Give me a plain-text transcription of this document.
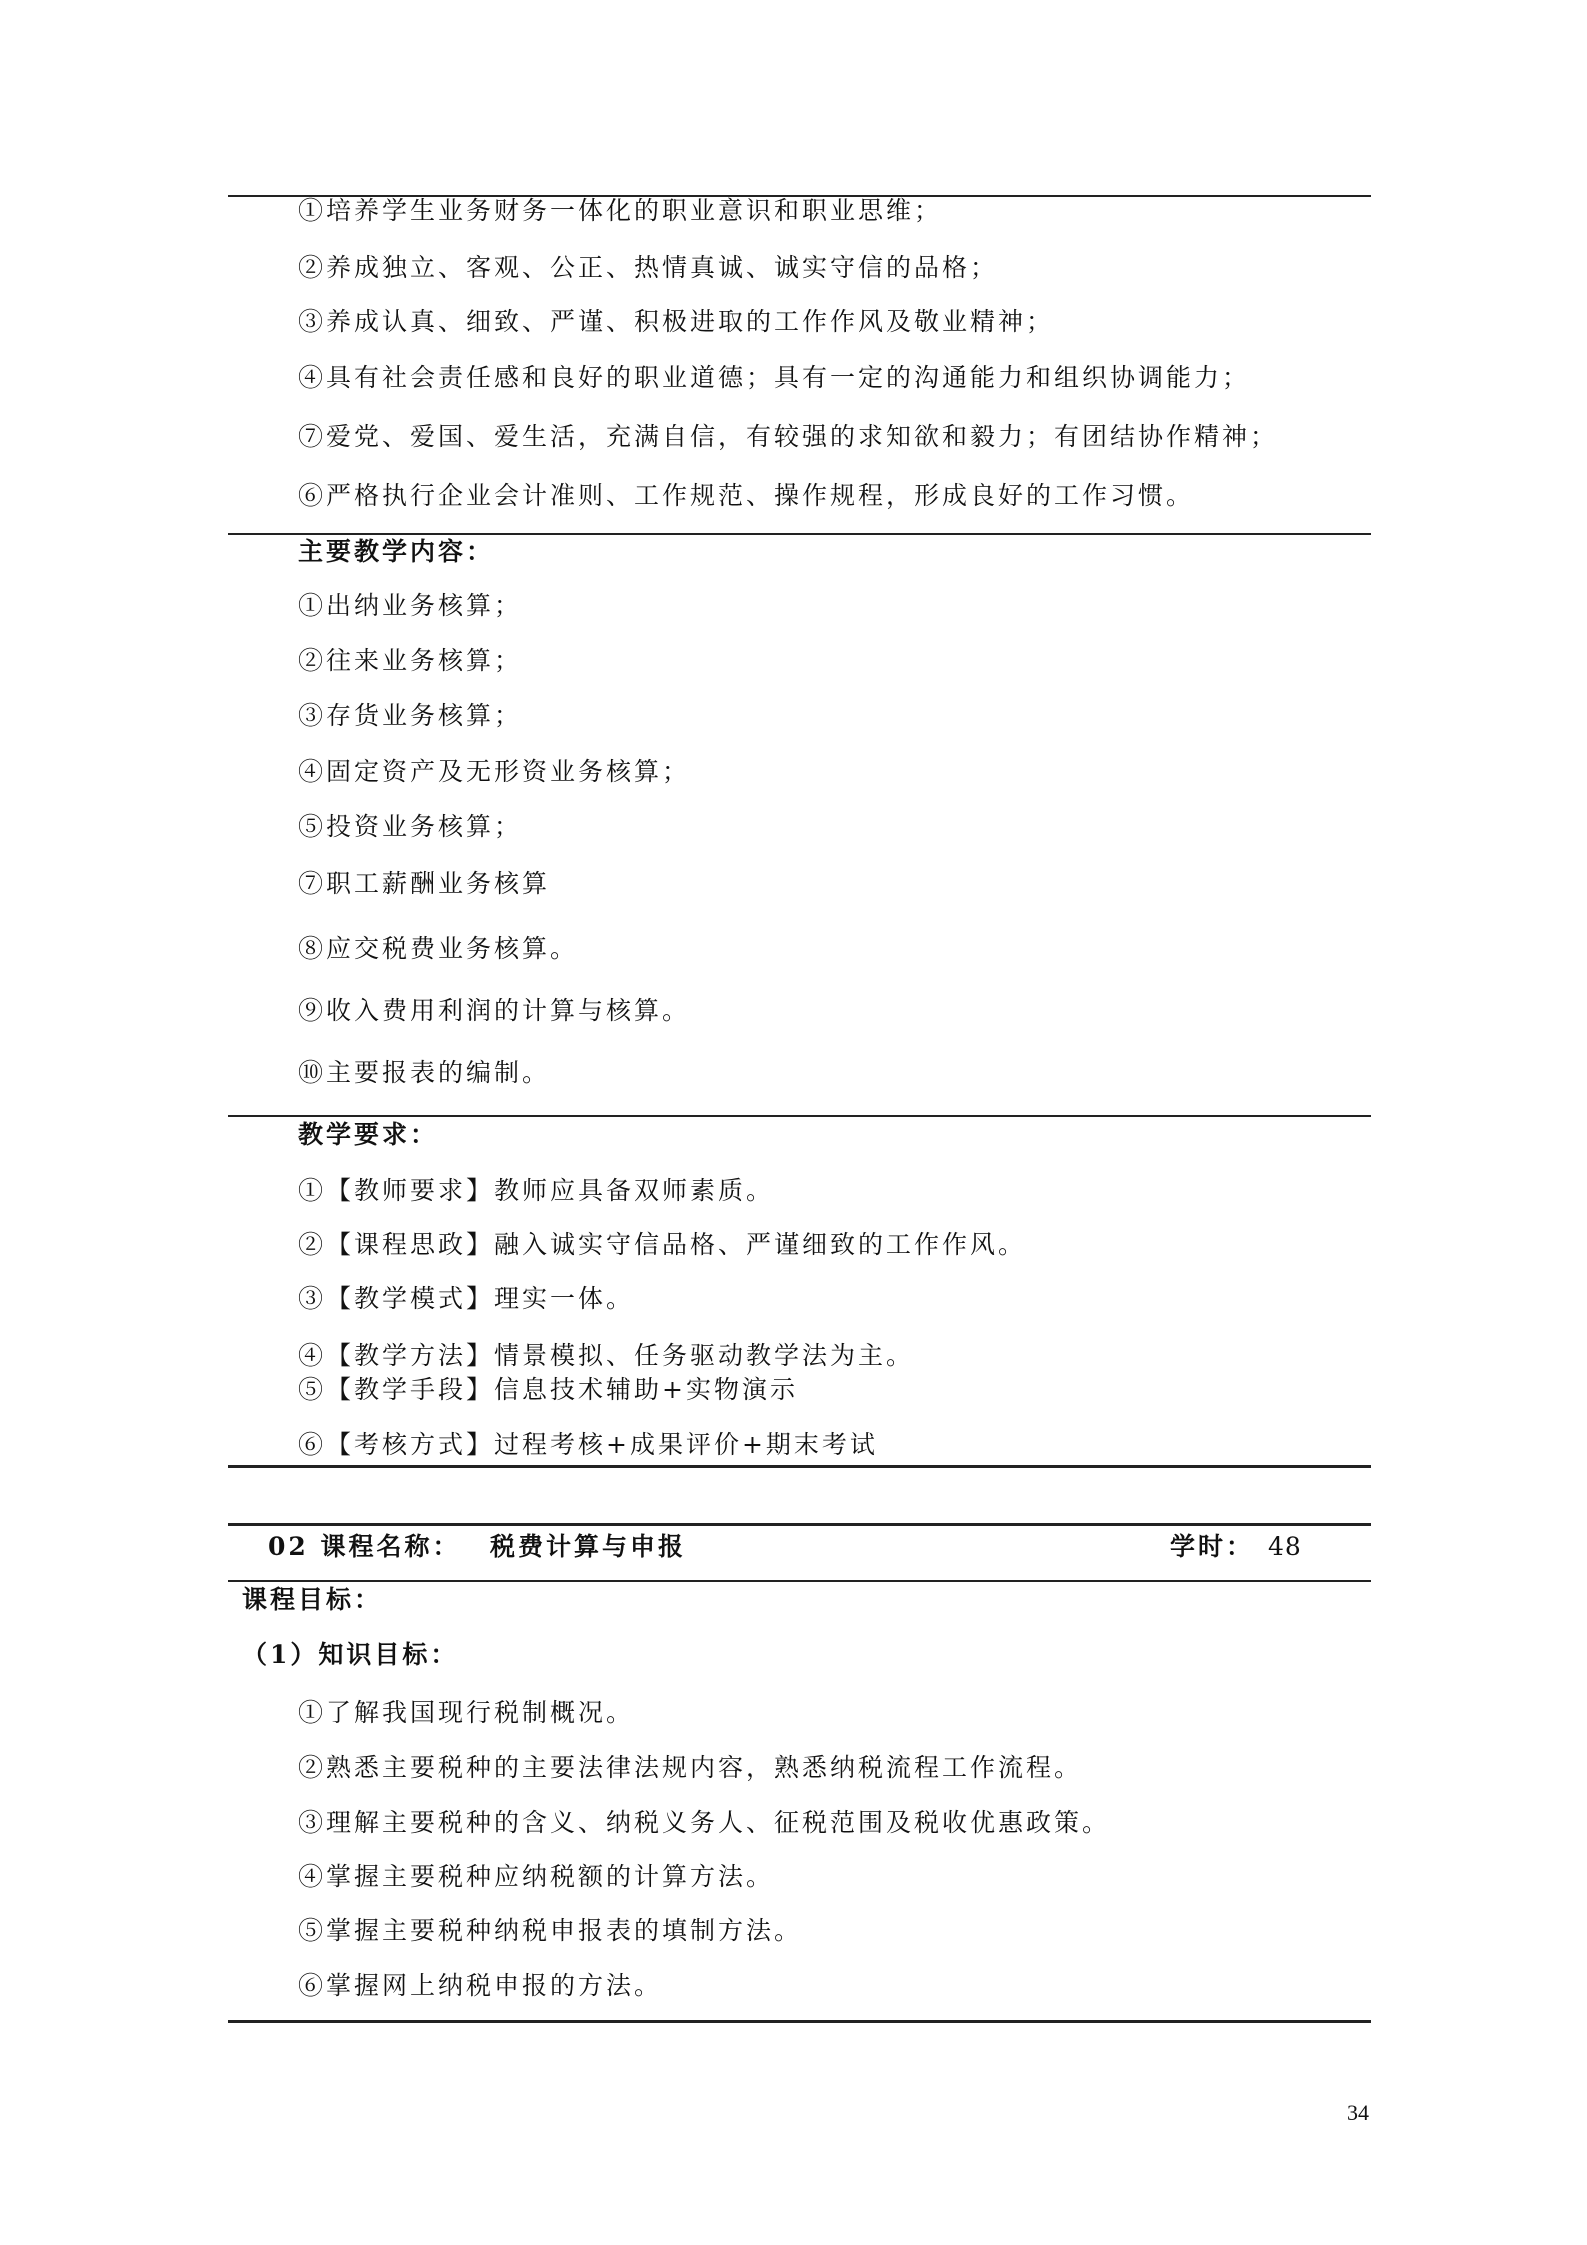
①培养学生业务财务一体化的职业意识和职业思维；
②养成独立、客观、公正、热情真诚、诚实守信的品格；
③养成认真、细致、严谨、积极进取的工作作风及敬业精神；
④具有社会责任感和良好的职业道德；具有一定的沟通能力和组织协调能力；
⑦爱党、爱国、爱生活，充满自信，有较强的求知欲和毅力；有团结协作精神；
⑥严格执行企业会计准则、工作规范、操作规程，形成良好的工作习惯。
主要教学内容：
①出纳业务核算；
②往来业务核算；
③存货业务核算；
④固定资产及无形资业务核算；
⑤投资业务核算；
⑦职工薪酬业务核算
⑧应交税费业务核算。
⑨收入费用利润的计算与核算。
⑩主要报表的编制。
教学要求：
①【教师要求】教师应具备双师素质。
②【课程思政】融入诚实守信品格、严谨细致的工作作风。
③【教学模式】理实一体。
④【教学方法】情景模拟、任务驱动教学法为主。
⑤【教学手段】信息技术辅助+实物演示
⑥【考核方式】过程考核+成果评价+期末考试
02 课程名称： 税费计算与申报	学时： 48
课程目标：
（1）知识目标：
①了解我国现行税制概况。
②熟悉主要税种的主要法律法规内容，熟悉纳税流程工作流程。
③理解主要税种的含义、纳税义务人、征税范围及税收优惠政策。
④掌握主要税种应纳税额的计算方法。
⑤掌握主要税种纳税申报表的填制方法。
⑥掌握网上纳税申报的方法。
34
